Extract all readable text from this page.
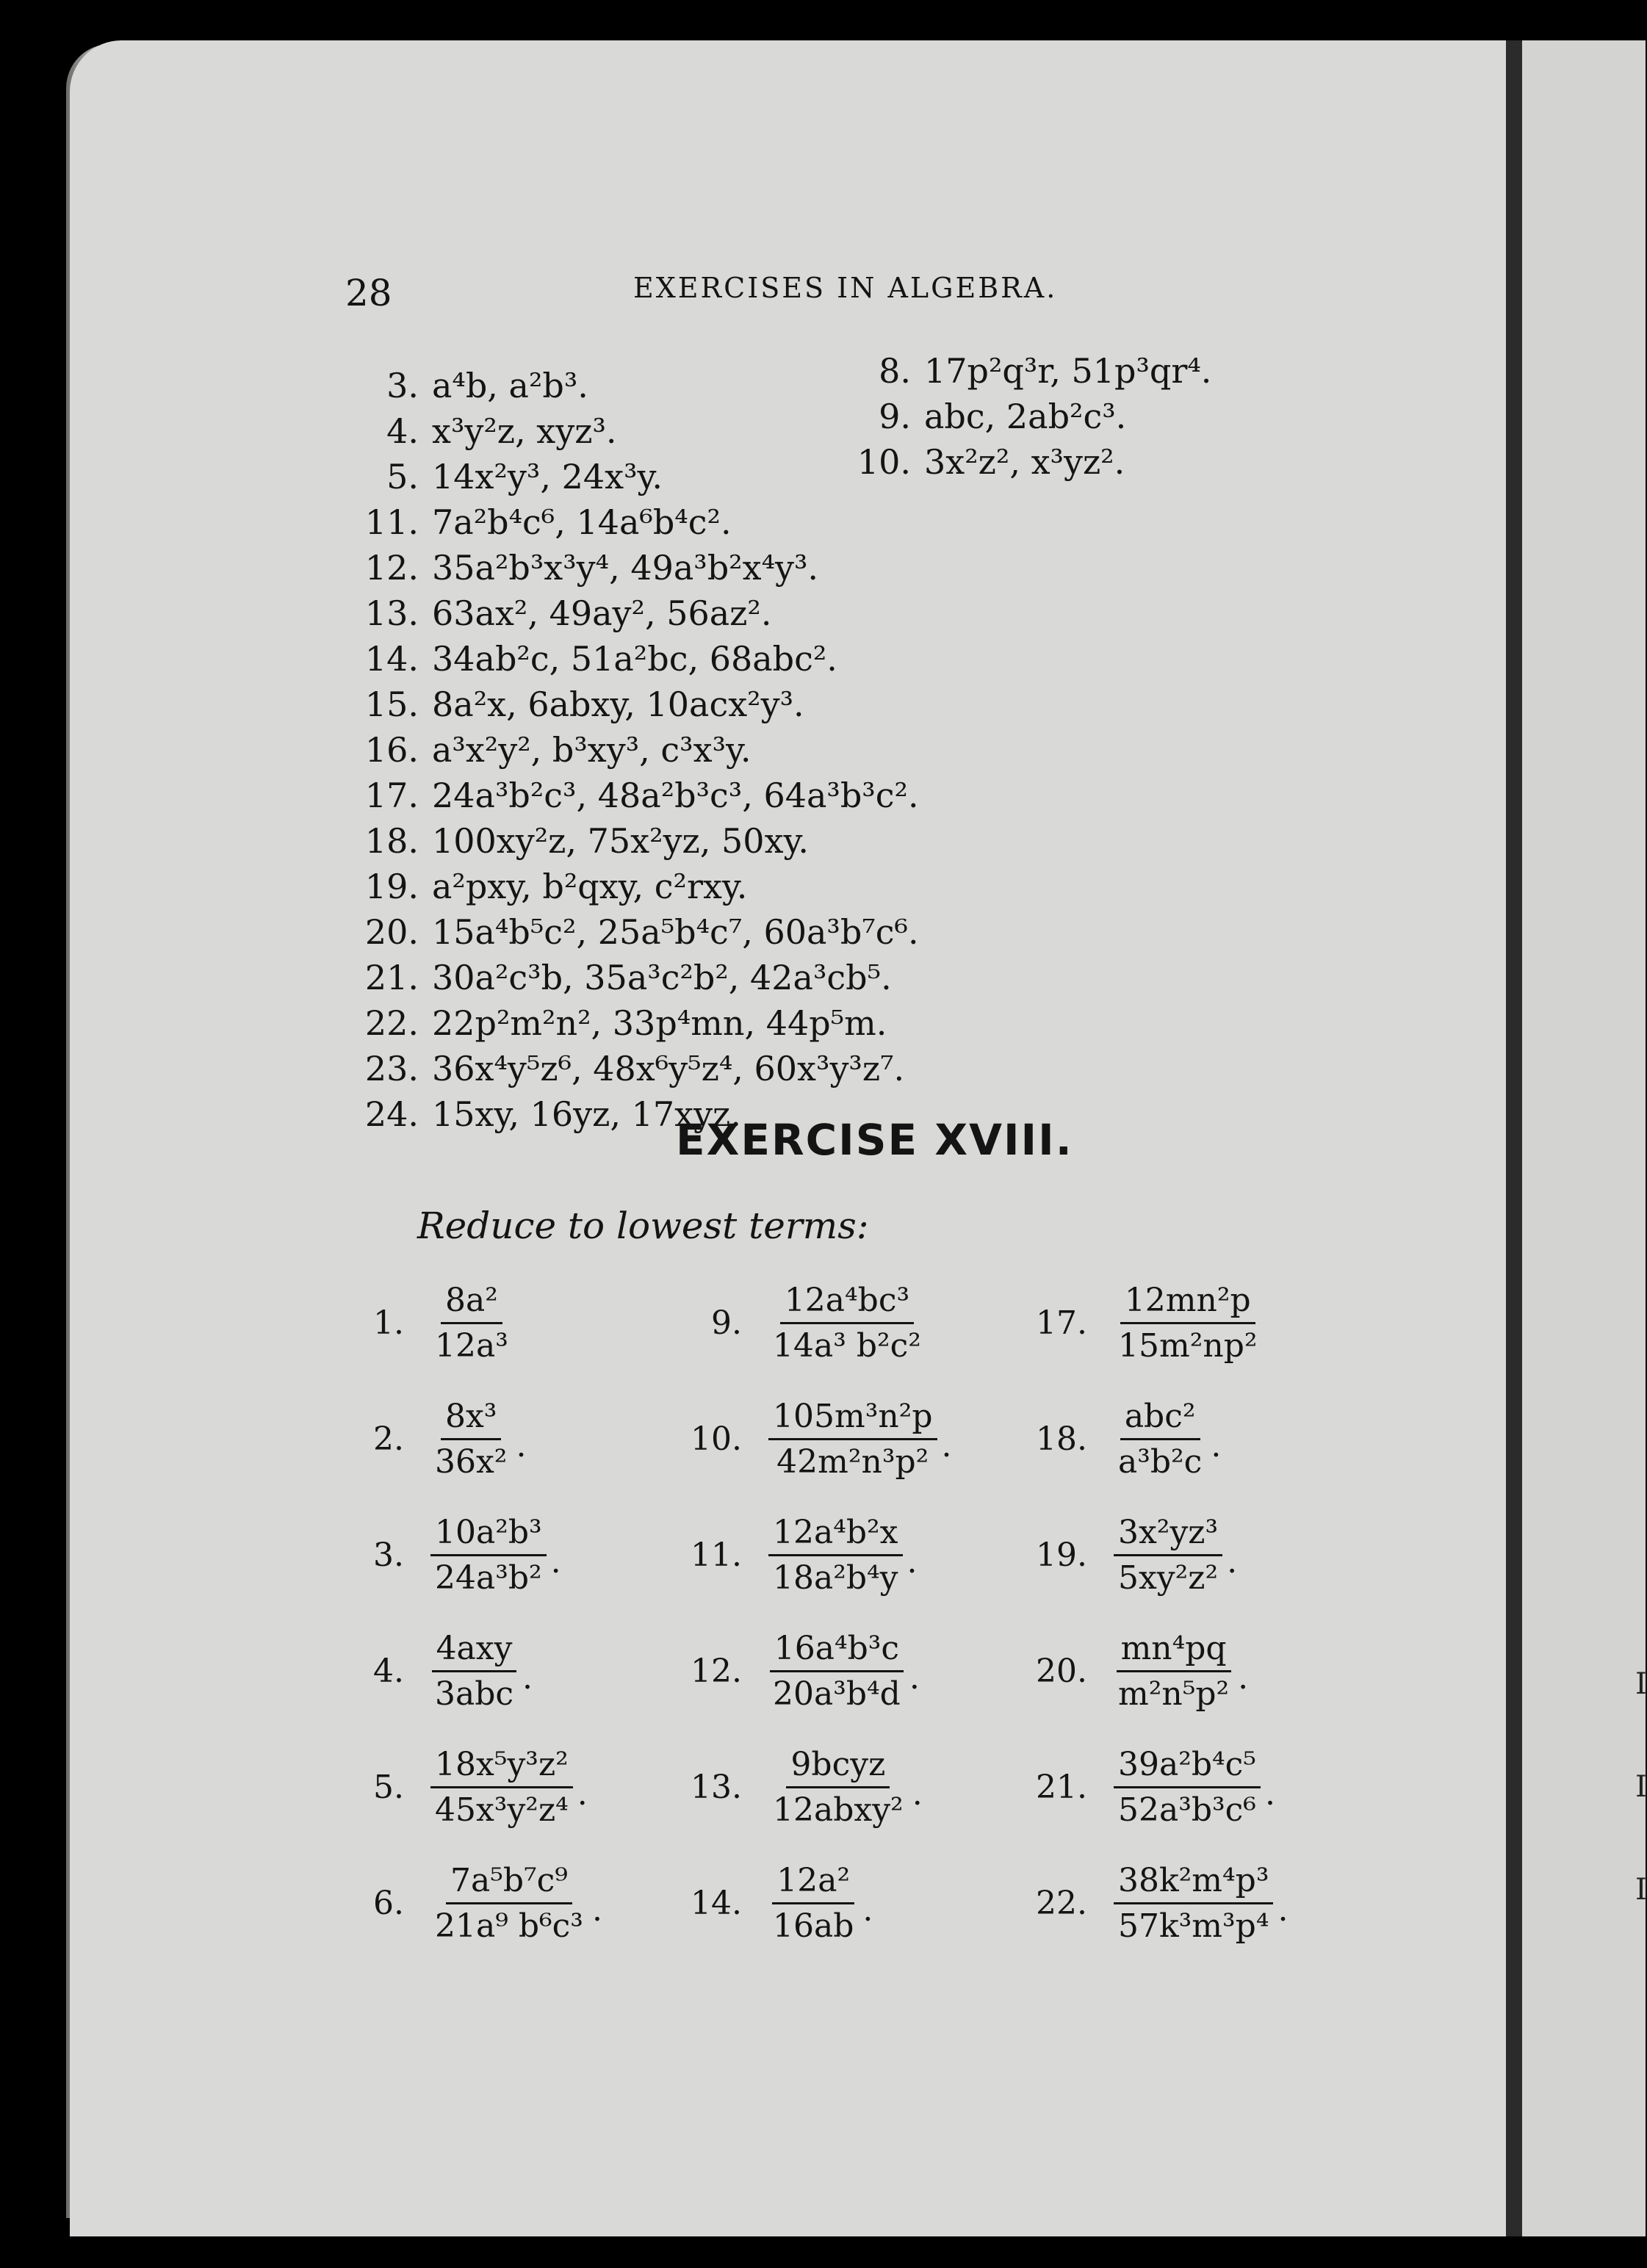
I
I
I
28	EXERCISES IN ALGEBRA.
3. a⁴b, a²b³.
4. x³y²z, xyz³.
5. 14x²y³, 24x³y.
11. 7a²b⁴c⁶, 14a⁶b⁴c².
12. 35a²b³x³y⁴, 49a³b²x⁴y³.
13. 63ax², 49ay², 56az².
14. 34ab²c, 51a²bc, 68abc².
15. 8a²x, 6abxy, 10acx²y³.
16. a³x²y², b³xy³, c³x³y.
17. 24a³b²c³, 48a²b³c³, 64a³b³c².
18. 100xy²z, 75x²yz, 50xy.
19. a²pxy, b²qxy, c²rxy.
20. 15a⁴b⁵c², 25a⁵b⁴c⁷, 60a³b⁷c⁶.
21. 30a²c³b, 35a³c²b², 42a³cb⁵.
22. 22p²m²n², 33p⁴mn, 44p⁵m.
23. 36x⁴y⁵z⁶, 48x⁶y⁵z⁴, 60x³y³z⁷.
24. 15xy, 16yz, 17xyz.
8. 17p²q³r, 51p³qr⁴.
9. abc, 2ab²c³.
10. 3x²z², x³yz².
EXERCISE XVIII.
Reduce to lowest terms:
1. $\frac{\text{8a²}}{\text{12a³}}$
2. $\frac{\text{8x³}}{\text{36x²}}$ .
3. $\frac{\text{10a²b³}}{\text{24a³b²}}$ .
4. $\frac{\text{4axy}}{\text{3abc}}$ .
5. $\frac{\text{18x⁵y³z²}}{\text{45x³y²z⁴}}$ .
6. $\frac{\text{7a⁵b⁷c⁹}}{\text{21a⁹ b⁶c³}}$ .
9. $\frac{\text{12a⁴bc³}}{\text{14a³ b²c²}}$
10. $\frac{\text{105m³n²p}}{\text{42m²n³p²}}$ .
11. $\frac{\text{12a⁴b²x}}{\text{18a²b⁴y}}$ .
12. $\frac{\text{16a⁴b³c}}{\text{20a³b⁴d}}$ .
13. $\frac{\text{9bcyz}}{\text{12abxy²}}$ .
14. $\frac{\text{12a²}}{16ab}$ .
17. $\frac{\text{12mn²p}}{\text{15m²np²}}$
18. $\frac{\text{abc²}}{\text{a³b²c}}$ .
19. $\frac{\text{3x²yz³}}{\text{5xy²z²}}$ .
20. $\frac{\text{mn⁴pq}}{\text{m²n⁵p²}}$ .
21. $\frac{\text{39a²b⁴c⁵}}{\text{52a³b³c⁶}}$ .
22. $\frac{\text{38k²m⁴p³}}{\text{57k³m³p⁴}}$ .
